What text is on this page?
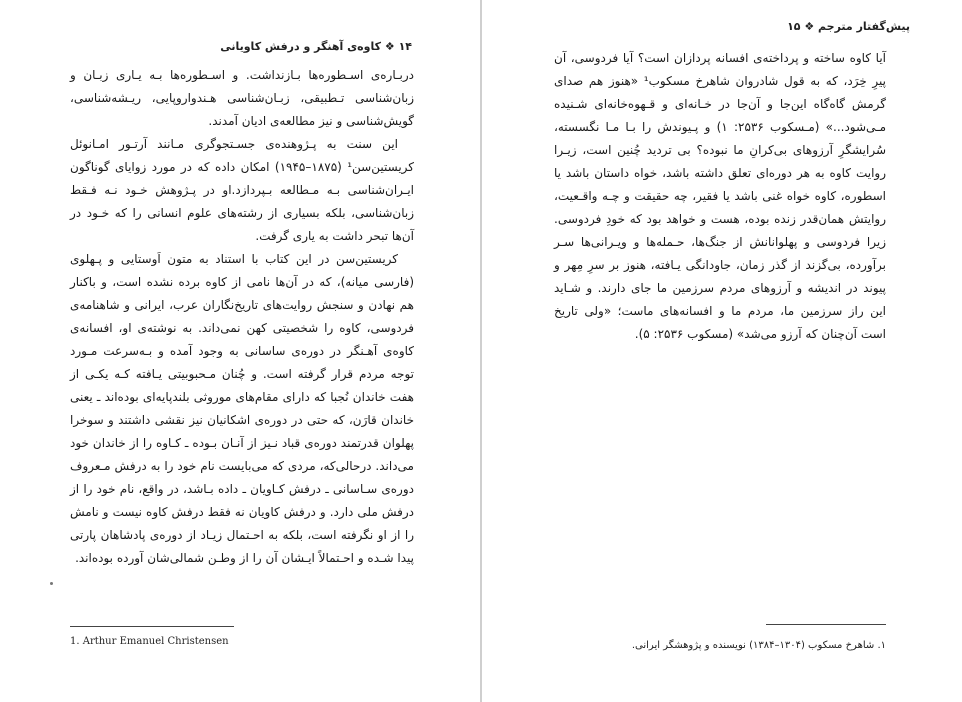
۱۴ ❖ کاوه‌ی آهنگر و درفش کاویانی

دربـاره‌ی اسـطوره‌ها بـازنداشت. و اسـطوره‌ها بـه یـاری زبـان و زبان‌شناسی تـطبیقی، زبـان‌شناسی هـندواروپایی، ریـشه‌شناسی، گویش‌شناسی و نیز مطالعه‌ی ادیان آمدند.

این سنت به پـژوهنده‌ی جسـتجوگری مـانند آرتـور امـانوئل کریستین‌سن¹ (۱۸۷۵–۱۹۴۵) امکان داده که در مورد زوایای گوناگون ایـران‌شناسی بـه مـطالعه بـپردازد.او در پـژوهش خـود نـه فـقط زبان‌شناسی، بلکه بسیاری از رشته‌های علوم انسانی را که خـود در آن‌ها تبحر داشت به یاری گرفت.

کریستین‌سن در این کتاب با استناد به متون اَوستایی و پـهلوی (فارسی میانه)، که در آن‌ها نامی از کاوه برده نشده است، و باکنار هم نهادن و سنجش روایت‌های تاریخ‌نگاران عرب، ایرانی و شاهنامه‌ی فردوسی، کاوه را شخصیتی کهن نمی‌داند. به نوشته‌ی او، افسانه‌ی کاوه‌ی آهـنگر در دوره‌ی ساسانی به وجود آمده و بـه‌سرعت مـورد توجه مردم قرار گرفته است. و چُنان مـحبوبیتی یـافته کـه یکـی از هفت خاندان نُجبا که دارای مقام‌های موروثی بلندپایه‌ای بوده‌اند ـ یعنی خاندان قارَن، که حتی در دوره‌ی اشکانیان نیز نقشی داشتند و سوخرا پهلوان قدرتمند دوره‌ی قباد نـیز از آنـان بـوده ـ کـاوه را از خاندان خود می‌داند. درحالی‌که، مردی که می‌بایست نام خود را به درفش مـعروف دوره‌ی سـاسانی ـ درفش کـاویان ـ داده بـاشد، در واقع، نام خود را از درفش ملی دارد. و درفش کاویان نه فقط درفش کاوه نیست و نامش را از او نگرفته است، بلکه به احـتمال زیـاد از دوره‌ی پادشاهان پارتی پیدا شـده و احـتمالاً ایـشان آن را از وطـن شمالی‌شان آورده بوده‌اند.

1. Arthur Emanuel Christensen
پیش‌گفتار مترجم ❖ ۱۵

آیا کاوه ساخته و پرداخته‌ی افسانه پردازان است؟ آیا فردوسی، آن پیرِ خِرَد، که به قول شادروان شاهرخ مسکوب¹ «هنوز هم صدای گرمش گاه‌گاه این‌جا و آن‌جا در خـانه‌ای و قـهوه‌خانه‌ای شـنیده مـی‌شود...» (مـسکوب ۲۵۳۶: ۱) و پـیوندش را بـا مـا نگسسته، سُرایشگرِ آرزوهای بی‌کرانِ ما نبوده؟ بی تردید چُنین است، زیـرا روایت کاوه به هر دوره‌ای تعلق داشته باشد، خواه داستان باشد یا اسطوره، کاوه خواه غنی باشد یا فقیر، چه حقیقت و چـه واقـعیت، روایتش همان‌قدر زنده بوده، هست و خواهد بود که خودِ فردوسی. زیرا فردوسی و پهلوانانش از جنگ‌ها، حـمله‌ها و ویـرانی‌ها سـر برآورده، بی‌گزند از گذر زمان، جاودانگی یـافته، هنوز بر سرِ مِهر و پیوند در اندیشه و آرزوهای مردم سرزمین ما جای دارند. و شـاید این راز سرزمین ما، مردم ما و افسانه‌های ماست؛ «ولی تاریخ است آن‌چنان که آرزو می‌شد» (مسکوب ۲۵۳۶: ۵).

۱. شاهرخ مسکوب (۱۳۰۴–۱۳۸۴) نویسنده و پژوهشگر ایرانی.
